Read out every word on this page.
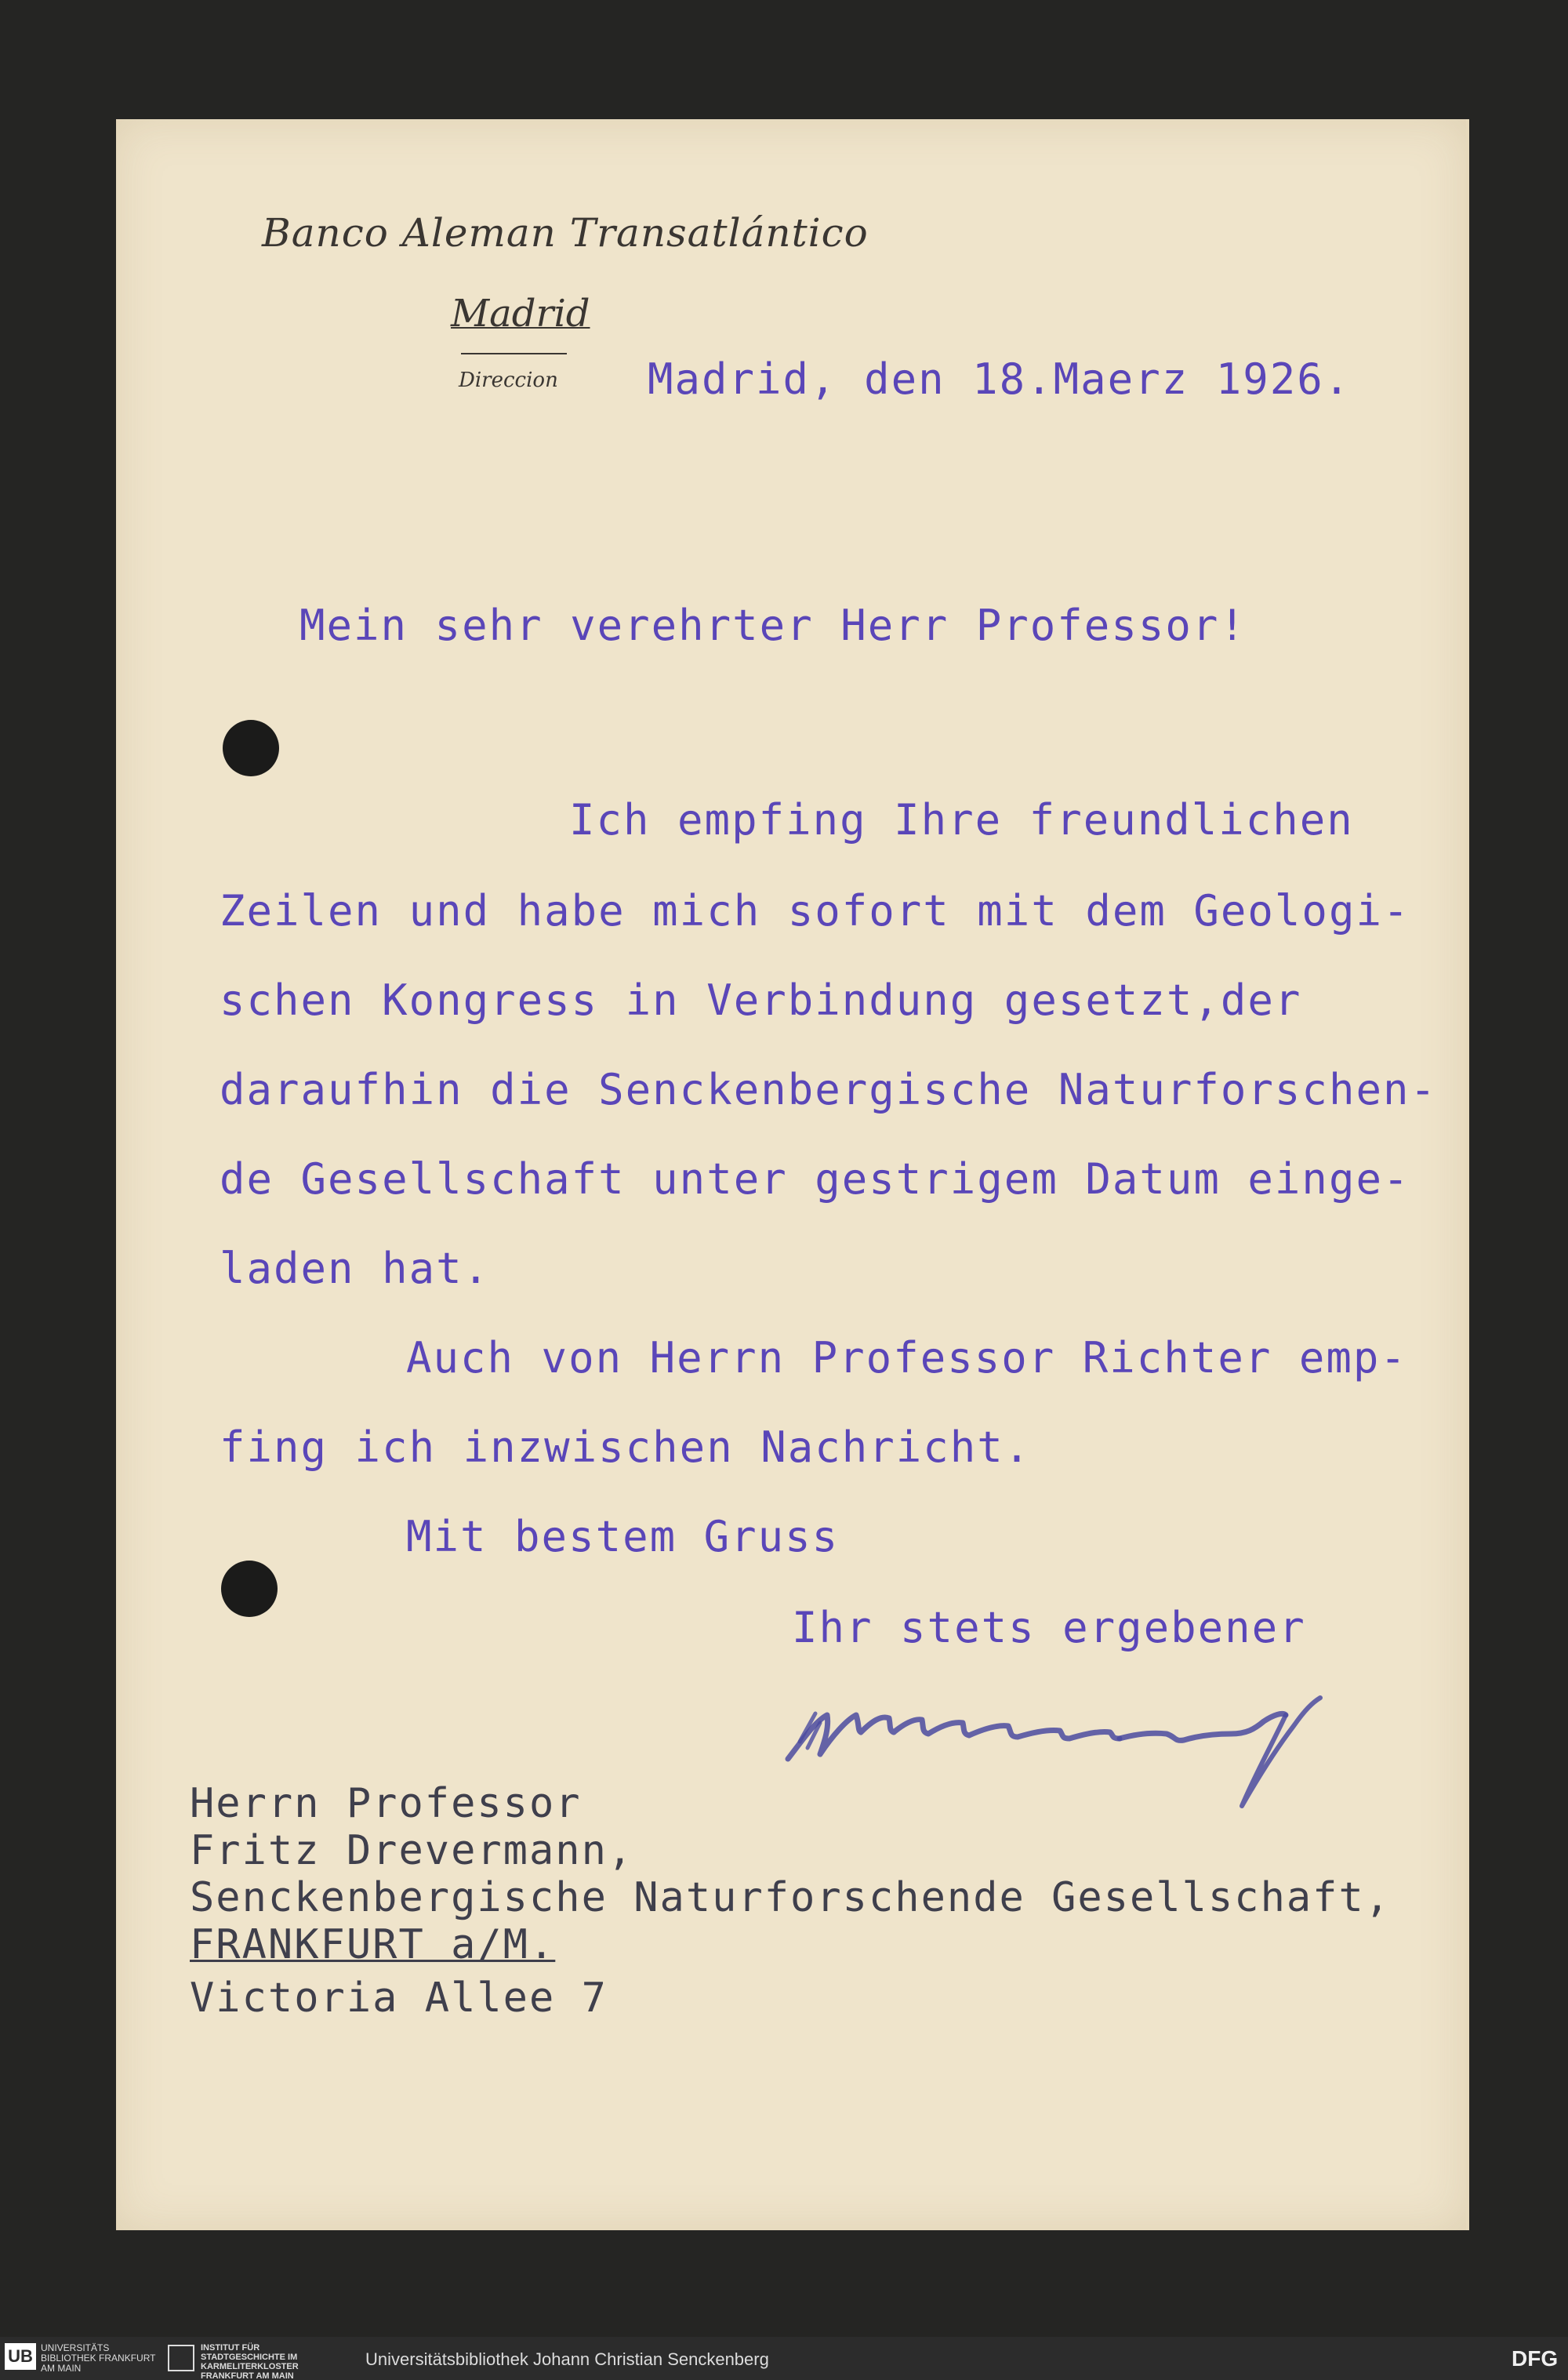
Banco Aleman Transatlántico
Madrid
Direccion Madrid, den 18.Maerz 1926.
Mein sehr verehrter Herr Professor!
Ich empfing Ihre freundlichen
Zeilen und habe mich sofort mit dem Geologi-
schen Kongress in Verbindung gesetzt,der
daraufhin die Senckenbergische Naturforschen-
de Gesellschaft unter gestrigem Datum einge-
laden hat.
Auch von Herrn Professor Richter emp-
fing ich inzwischen Nachricht.
Mit bestem Gruss
Ihr stets ergebener
Herrn Professor
Fritz Drevermann,
Senckenbergische Naturforschende Gesellschaft,
FRANKFURT a/M.
Victoria Allee 7
UB UNIVERSITÄTS BIBLIOTHEK FRANKFURT AM MAIN
INSTITUT FÜR STADTGESCHICHTE IM KARMELITERKLOSTER FRANKFURT AM MAIN
Universitätsbibliothek Johann Christian Senckenberg	DFG
